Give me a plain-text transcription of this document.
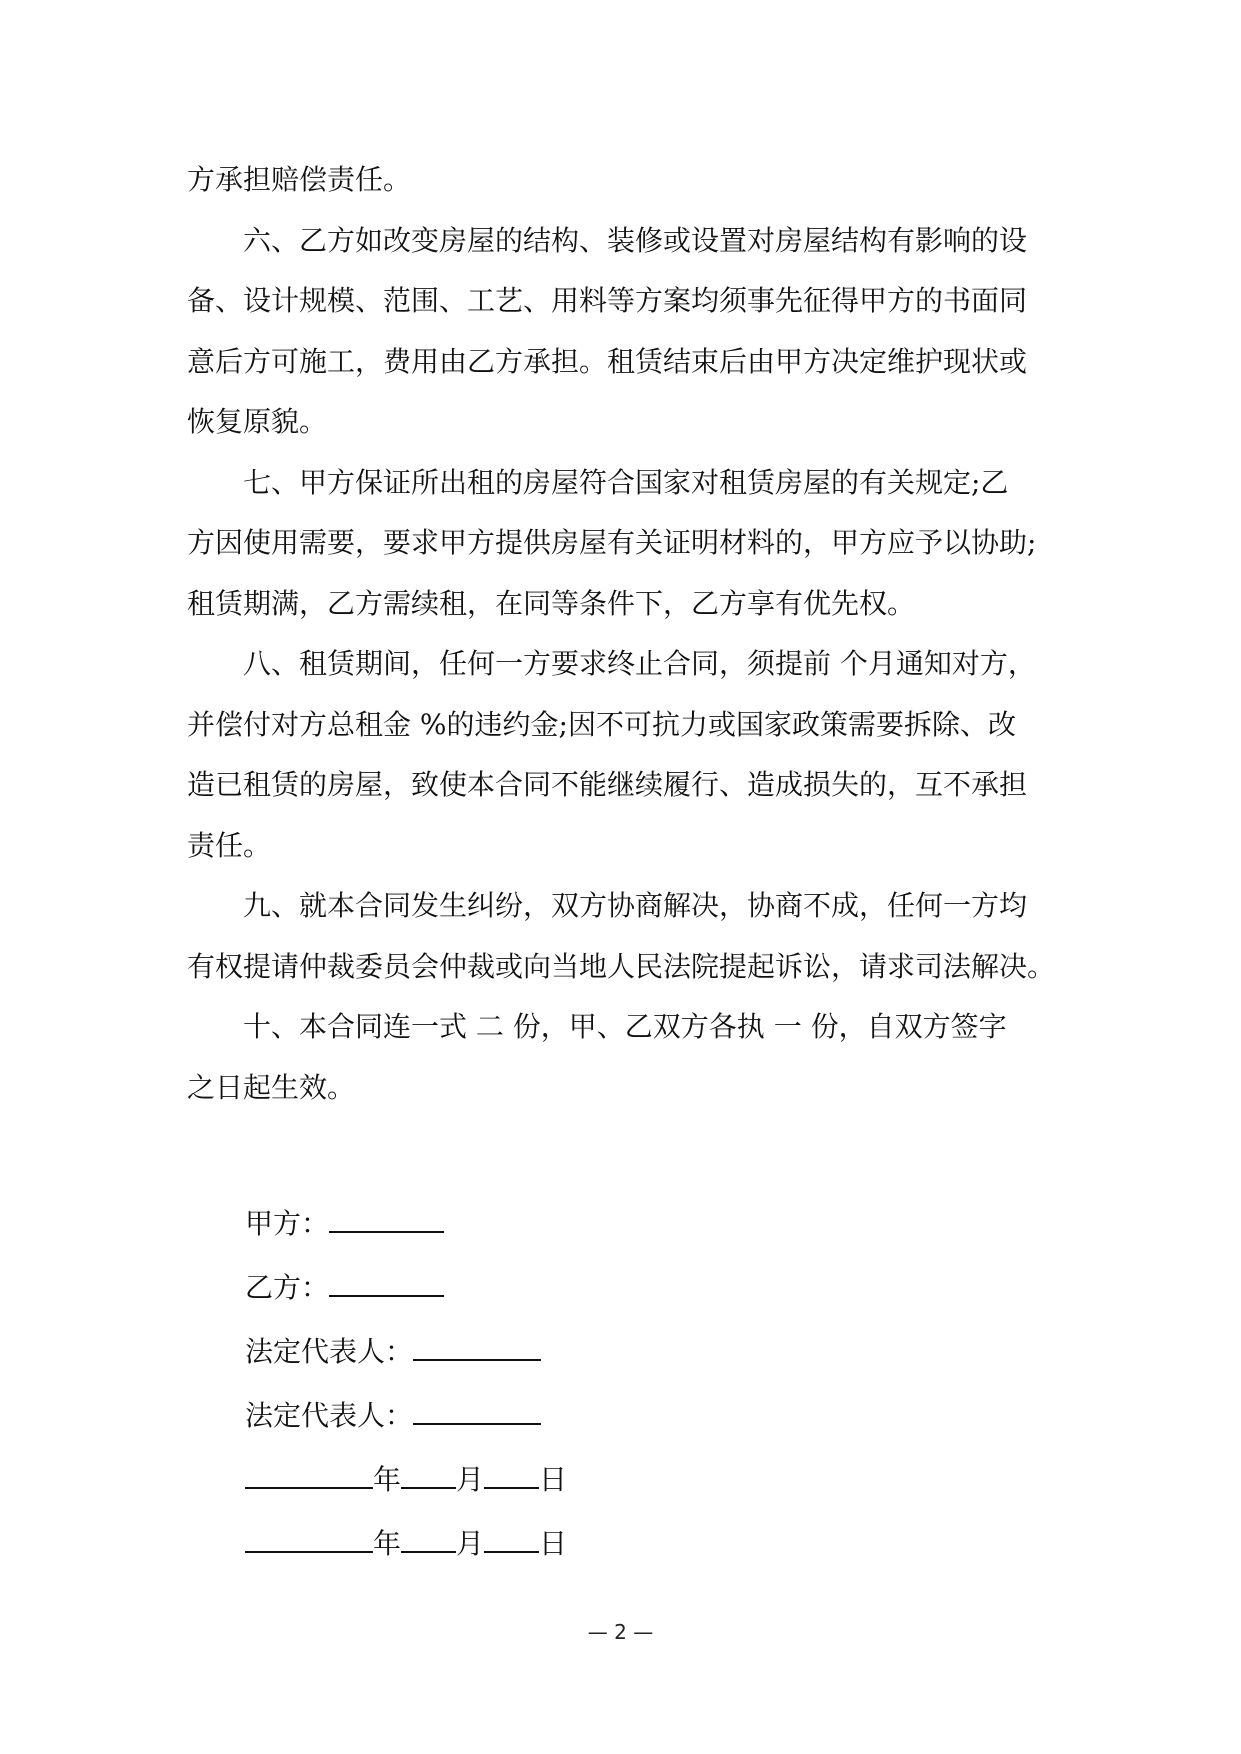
方承担赔偿责任。
六、乙方如改变房屋的结构、装修或设置对房屋结构有影响的设
备、设计规模、范围、工艺、用料等方案均须事先征得甲方的书面同
意后方可施工，费用由乙方承担。租赁结束后由甲方决定维护现状或
恢复原貌。
七、甲方保证所出租的房屋符合国家对租赁房屋的有关规定;乙
方因使用需要，要求甲方提供房屋有关证明材料的，甲方应予以协助;
租赁期满，乙方需续租，在同等条件下，乙方享有优先权。
八、租赁期间，任何一方要求终止合同，须提前 个月通知对方，
并偿付对方总租金 %的违约金;因不可抗力或国家政策需要拆除、改
造已租赁的房屋，致使本合同不能继续履行、造成损失的，互不承担
责任。
九、就本合同发生纠纷，双方协商解决，协商不成，任何一方均
有权提请仲裁委员会仲裁或向当地人民法院提起诉讼，请求司法解决。
十、本合同连一式 二 份，甲、乙双方各执 一 份，自双方签字
之日起生效。
甲方：
乙方：
法定代表人：
法定代表人：
年 月 日
年 月 日
— 2 —
